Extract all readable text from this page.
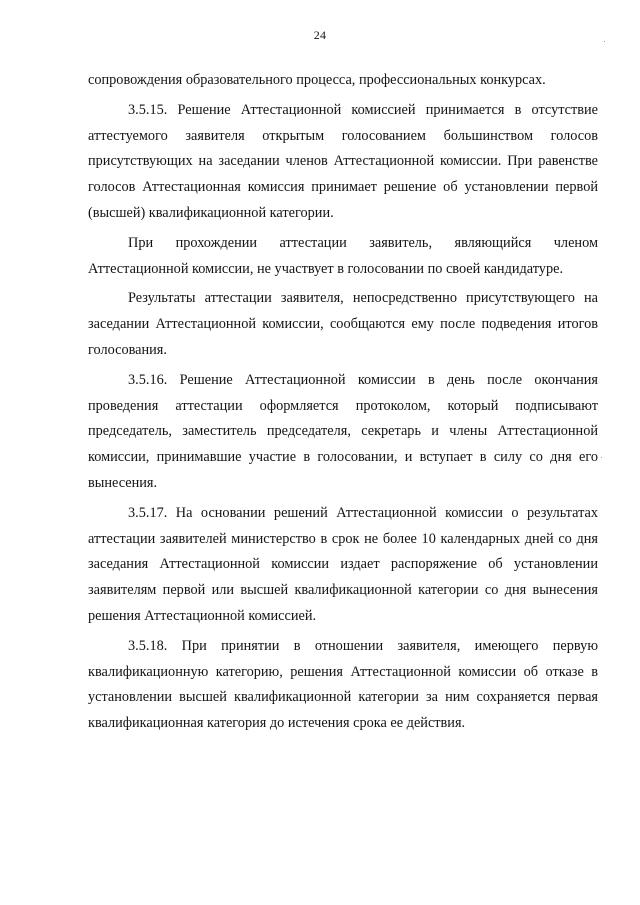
24

сопровождения образовательного процесса, профессиональных конкурсах.

3.5.15. Решение Аттестационной комиссией принимается в отсутствие аттестуемого заявителя открытым голосованием большинством голосов присутствующих на заседании членов Аттестационной комиссии. При равенстве голосов Аттестационная комиссия принимает решение об установлении первой (высшей) квалификационной категории.

При прохождении аттестации заявитель, являющийся членом Аттестационной комиссии, не участвует в голосовании по своей кандидатуре.

Результаты аттестации заявителя, непосредственно присутствующего на заседании Аттестационной комиссии, сообщаются ему после подведения итогов голосования.

3.5.16. Решение Аттестационной комиссии в день после окончания проведения аттестации оформляется протоколом, который подписывают председатель, заместитель председателя, секретарь и члены Аттестационной комиссии, принимавшие участие в голосовании, и вступает в силу со дня его вынесения.

3.5.17. На основании решений Аттестационной комиссии о результатах аттестации заявителей министерство в срок не более 10 календарных дней со дня заседания Аттестационной комиссии издает распоряжение об установлении заявителям первой или высшей квалификационной категории со дня вынесения решения Аттестационной комиссией.

3.5.18. При принятии в отношении заявителя, имеющего первую квалификационную категорию, решения Аттестационной комиссии об отказе в установлении высшей квалификационной категории за ним сохраняется первая квалификационная категория до истечения срока ее действия.
